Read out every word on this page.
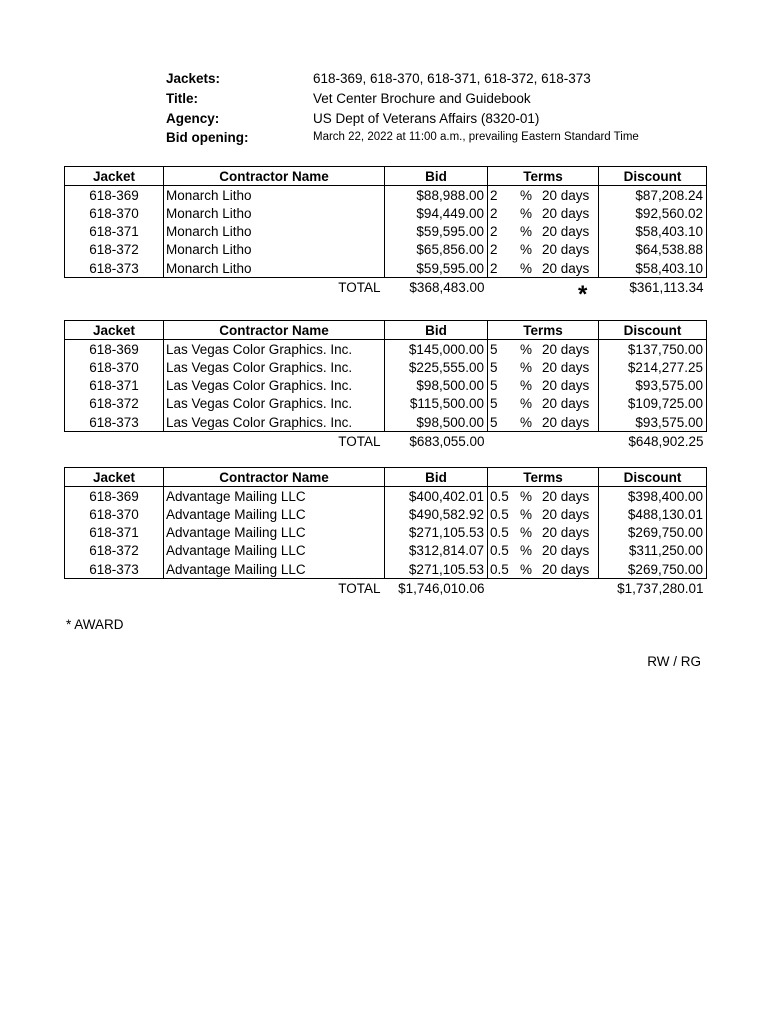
Jackets:	618-369, 618-370, 618-371, 618-372, 618-373
Title:	Vet Center Brochure and Guidebook
Agency:	US Dept of Veterans Affairs (8320-01)
Bid opening:	March 22, 2022 at 11:00 a.m., prevailing Eastern Standard Time
Jacket	Contractor Name	Bid	Terms	Discount
618-369	Monarch Litho	$88,988.00	2 % 20 days	$87,208.24
618-370	Monarch Litho	$94,449.00	2 % 20 days	$92,560.02
618-371	Monarch Litho	$59,595.00	2 % 20 days	$58,403.10
618-372	Monarch Litho	$65,856.00	2 % 20 days	$64,538.88
618-373	Monarch Litho	$59,595.00	2 % 20 days	$58,403.10
	TOTAL	$368,483.00		$361,113.34
*
Jacket	Contractor Name	Bid	Terms	Discount
618-369	Las Vegas Color Graphics. Inc.	$145,000.00	5 % 20 days	$137,750.00
618-370	Las Vegas Color Graphics. Inc.	$225,555.00	5 % 20 days	$214,277.25
618-371	Las Vegas Color Graphics. Inc.	$98,500.00	5 % 20 days	$93,575.00
618-372	Las Vegas Color Graphics. Inc.	$115,500.00	5 % 20 days	$109,725.00
618-373	Las Vegas Color Graphics. Inc.	$98,500.00	5 % 20 days	$93,575.00
	TOTAL	$683,055.00		$648,902.25
Jacket	Contractor Name	Bid	Terms	Discount
618-369	Advantage Mailing LLC	$400,402.01	0.5 % 20 days	$398,400.00
618-370	Advantage Mailing LLC	$490,582.92	0.5 % 20 days	$488,130.01
618-371	Advantage Mailing LLC	$271,105.53	0.5 % 20 days	$269,750.00
618-372	Advantage Mailing LLC	$312,814.07	0.5 % 20 days	$311,250.00
618-373	Advantage Mailing LLC	$271,105.53	0.5 % 20 days	$269,750.00
	TOTAL	$1,746,010.06		$1,737,280.01
* AWARD
RW / RG
